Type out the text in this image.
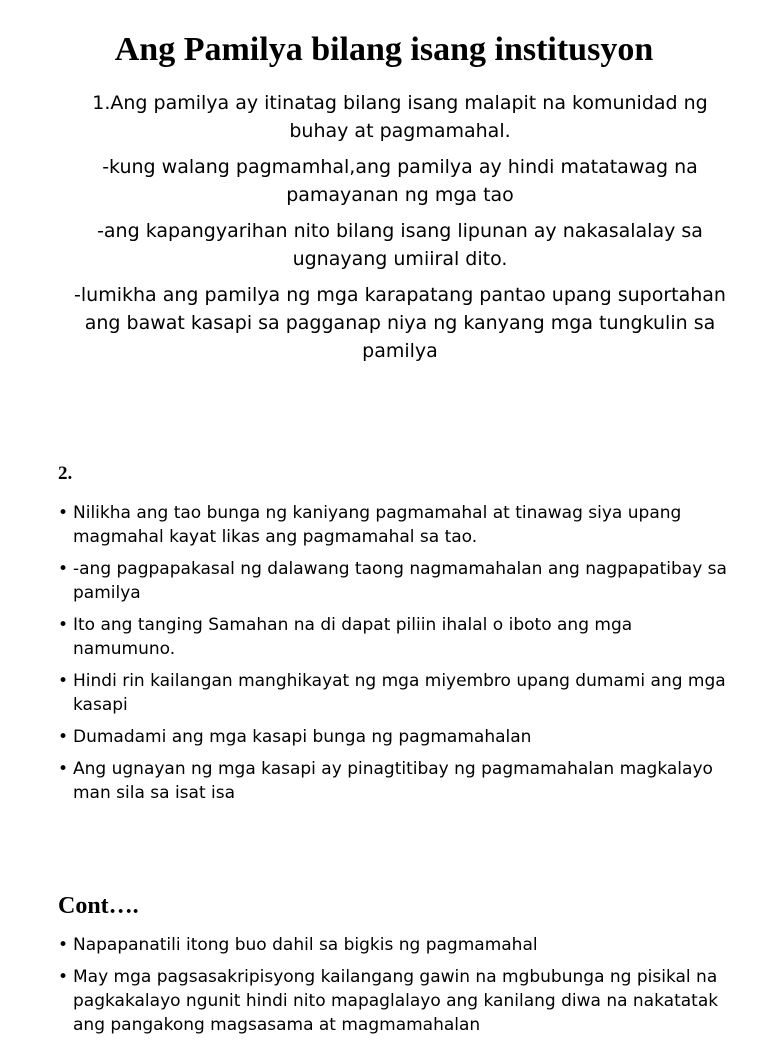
Ang Pamilya bilang isang institusyon

1.Ang pamilya ay itinatag bilang isang malapit na komunidad ng buhay at pagmamahal.

-kung walang pagmamhal,ang pamilya ay hindi matatawag na pamayanan ng mga tao

-ang kapangyarihan nito bilang isang lipunan ay nakasalalay sa ugnayang umiiral dito.

-lumikha ang pamilya ng mga karapatang pantao upang suportahan ang bawat kasapi sa pagganap niya ng kanyang mga tungkulin sa pamilya

2.
• Nilikha ang tao bunga ng kaniyang pagmamahal at tinawag siya upang magmahal kayat likas ang pagmamahal sa tao.
• -ang pagpapakasal ng dalawang taong nagmamahalan ang nagpapatibay sa pamilya
• Ito ang tanging Samahan na di dapat piliin ihalal o iboto ang mga namumuno.
• Hindi rin kailangan manghikayat ng mga miyembro upang dumami ang mga kasapi
• Dumadami ang mga kasapi bunga ng pagmamahalan
• Ang ugnayan ng mga kasapi ay pinagtitibay ng pagmamahalan magkalayo man sila sa isat isa
Cont….
• Napapanatili itong buo dahil sa bigkis ng pagmamahal
• May mga pagsasakripisyong kailangang gawin na mgbubunga ng pisikal na pagkakalayo ngunit hindi nito mapaglalayo ang kanilang diwa na nakatatak ang pangakong magsasama at magmamahalan
